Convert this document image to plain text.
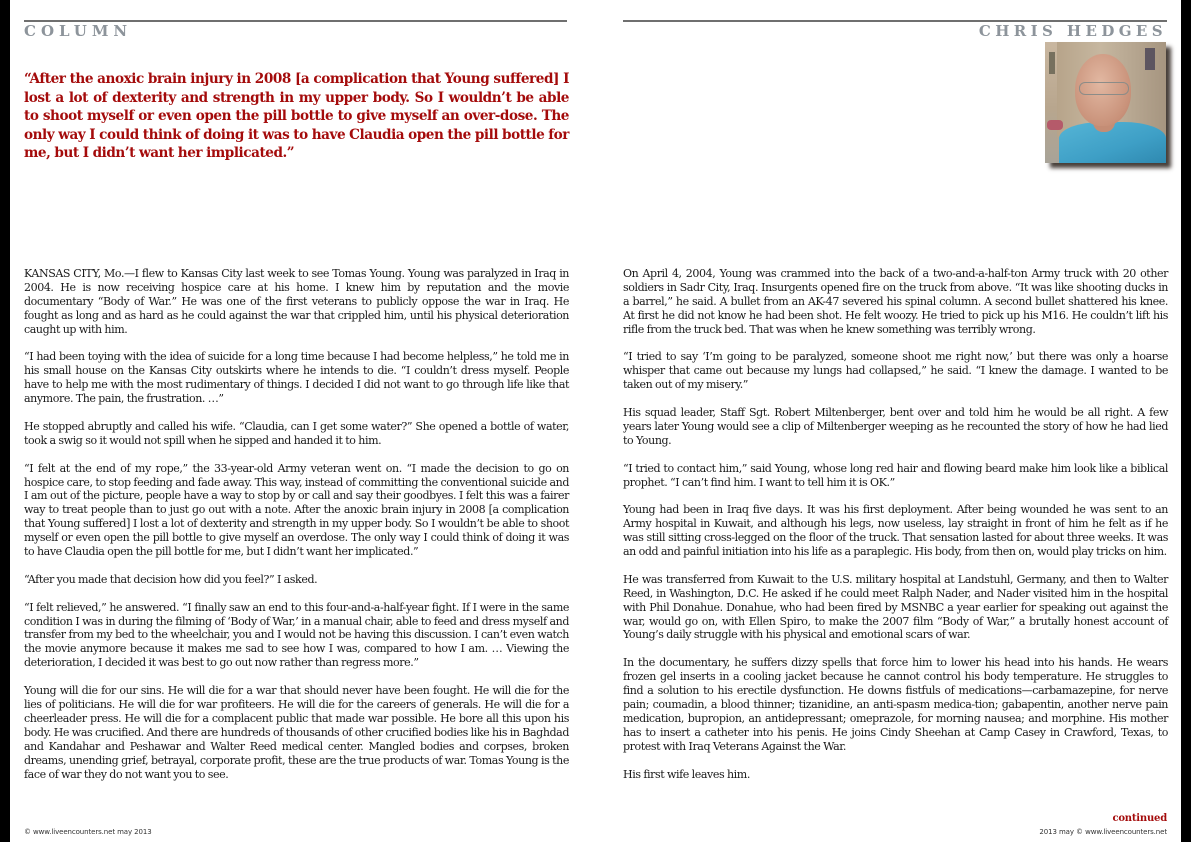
COLUMN	CHRIS HEDGES
“After the anoxic brain injury in 2008 [a complication that Young suffered] I lost a lot of dexterity and strength in my upper body. So I wouldn’t be able to shoot myself or even open the pill bottle to give myself an over-dose. The only way I could think of doing it was to have Claudia open the pill bottle for me, but I didn’t want her implicated.”

KANSAS CITY, Mo.—I flew to Kansas City last week to see Tomas Young. Young was paralyzed in Iraq in 2004. He is now receiving hospice care at his home. I knew him by reputation and the movie documentary “Body of War.” He was one of the first veterans to publicly oppose the war in Iraq. He fought as long and as hard as he could against the war that crippled him, until his physical deterioration caught up with him.

“I had been toying with the idea of suicide for a long time because I had become helpless,” he told me in his small house on the Kansas City outskirts where he intends to die. “I couldn’t dress myself. People have to help me with the most rudimentary of things. I decided I did not want to go through life like that anymore. The pain, the frustration. …”

He stopped abruptly and called his wife. “Claudia, can I get some water?” She opened a bottle of water, took a swig so it would not spill when he sipped and handed it to him.

“I felt at the end of my rope,” the 33-year-old Army veteran went on. “I made the decision to go on hospice care, to stop feeding and fade away. This way, instead of committing the conventional suicide and I am out of the picture, people have a way to stop by or call and say their goodbyes. I felt this was a fairer way to treat people than to just go out with a note. After the anoxic brain injury in 2008 [a complication that Young suffered] I lost a lot of dexterity and strength in my upper body. So I wouldn’t be able to shoot myself or even open the pill bottle to give myself an overdose. The only way I could think of doing it was to have Claudia open the pill bottle for me, but I didn’t want her implicated.”

“After you made that decision how did you feel?” I asked.

“I felt relieved,” he answered. “I finally saw an end to this four-and-a-half-year fight. If I were in the same condition I was in during the filming of ‘Body of War,’ in a manual chair, able to feed and dress myself and transfer from my bed to the wheelchair, you and I would not be having this discussion. I can’t even watch the movie anymore because it makes me sad to see how I was, compared to how I am. … Viewing the deterioration, I decided it was best to go out now rather than regress more.”

Young will die for our sins. He will die for a war that should never have been fought. He will die for the lies of politicians. He will die for war profiteers. He will die for the careers of generals. He will die for a cheerleader press. He will die for a complacent public that made war possible. He bore all this upon his body. He was crucified. And there are hundreds of thousands of other crucified bodies like his in Baghdad and Kandahar and Peshawar and Walter Reed medical center. Mangled bodies and corpses, broken dreams, unending grief, betrayal, corporate profit, these are the true products of war. Tomas Young is the face of war they do not want you to see.

On April 4, 2004, Young was crammed into the back of a two-and-a-half-ton Army truck with 20 other soldiers in Sadr City, Iraq. Insurgents opened fire on the truck from above. “It was like shooting ducks in a barrel,” he said. A bullet from an AK-47 severed his spinal column. A second bullet shattered his knee. At first he did not know he had been shot. He felt woozy. He tried to pick up his M16. He couldn’t lift his rifle from the truck bed. That was when he knew something was terribly wrong.

“I tried to say ‘I’m going to be paralyzed, someone shoot me right now,’ but there was only a hoarse whisper that came out because my lungs had collapsed,” he said. “I knew the damage. I wanted to be taken out of my misery.”

His squad leader, Staff Sgt. Robert Miltenberger, bent over and told him he would be all right. A few years later Young would see a clip of Miltenberger weeping as he recounted the story of how he had lied to Young.

“I tried to contact him,” said Young, whose long red hair and flowing beard make him look like a biblical prophet. “I can’t find him. I want to tell him it is OK.”

Young had been in Iraq five days. It was his first deployment. After being wounded he was sent to an Army hospital in Kuwait, and although his legs, now useless, lay straight in front of him he felt as if he was still sitting cross-legged on the floor of the truck. That sensation lasted for about three weeks. It was an odd and painful initiation into his life as a paraplegic. His body, from then on, would play tricks on him.

He was transferred from Kuwait to the U.S. military hospital at Landstuhl, Germany, and then to Walter Reed, in Washington, D.C. He asked if he could meet Ralph Nader, and Nader visited him in the hospital with Phil Donahue. Donahue, who had been fired by MSNBC a year earlier for speaking out against the war, would go on, with Ellen Spiro, to make the 2007 film “Body of War,” a brutally honest account of Young’s daily struggle with his physical and emotional scars of war.

In the documentary, he suffers dizzy spells that force him to lower his head into his hands. He wears frozen gel inserts in a cooling jacket because he cannot control his body temperature. He struggles to find a solution to his erectile dysfunction. He downs fistfuls of medications—carbamazepine, for nerve pain; coumadin, a blood thinner; tizanidine, an anti-spasm medica-tion; gabapentin, another nerve pain medication, bupropion, an antidepressant; omeprazole, for morning nausea; and morphine. His mother has to insert a catheter into his penis. He joins Cindy Sheehan at Camp Casey in Crawford, Texas, to protest with Iraq Veterans Against the War.

His first wife leaves him.

continued
© www.liveencounters.net may 2013	2013 may © www.liveencounters.net
